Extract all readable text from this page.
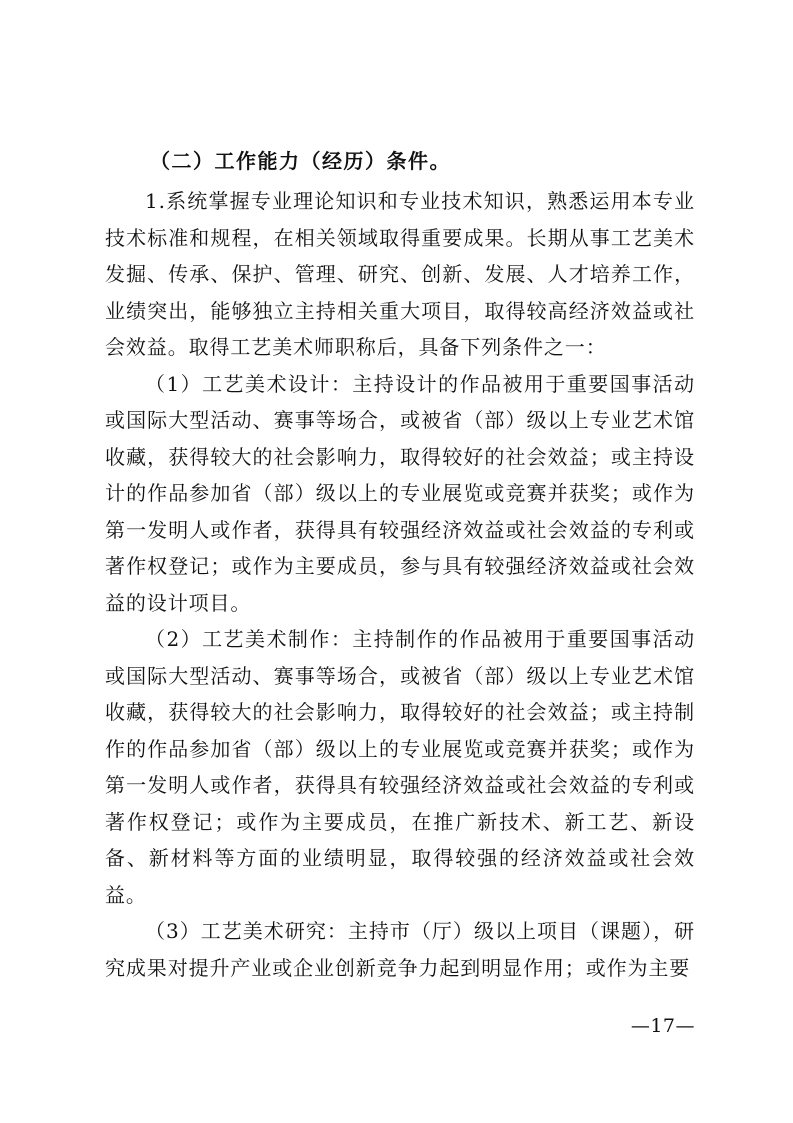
（二）工作能力（经历）条件。

1.系统掌握专业理论知识和专业技术知识，熟悉运用本专业技术标准和规程，在相关领域取得重要成果。长期从事工艺美术发掘、传承、保护、管理、研究、创新、发展、人才培养工作，业绩突出，能够独立主持相关重大项目，取得较高经济效益或社会效益。取得工艺美术师职称后，具备下列条件之一：

（1）工艺美术设计：主持设计的作品被用于重要国事活动或国际大型活动、赛事等场合，或被省（部）级以上专业艺术馆收藏，获得较大的社会影响力，取得较好的社会效益；或主持设计的作品参加省（部）级以上的专业展览或竞赛并获奖；或作为第一发明人或作者，获得具有较强经济效益或社会效益的专利或著作权登记；或作为主要成员，参与具有较强经济效益或社会效益的设计项目。

（2）工艺美术制作：主持制作的作品被用于重要国事活动或国际大型活动、赛事等场合，或被省（部）级以上专业艺术馆收藏，获得较大的社会影响力，取得较好的社会效益；或主持制作的作品参加省（部）级以上的专业展览或竞赛并获奖；或作为第一发明人或作者，获得具有较强经济效益或社会效益的专利或著作权登记；或作为主要成员，在推广新技术、新工艺、新设备、新材料等方面的业绩明显，取得较强的经济效益或社会效益。

（3）工艺美术研究：主持市（厅）级以上项目（课题），研究成果对提升产业或企业创新竞争力起到明显作用；或作为主要

—17—
